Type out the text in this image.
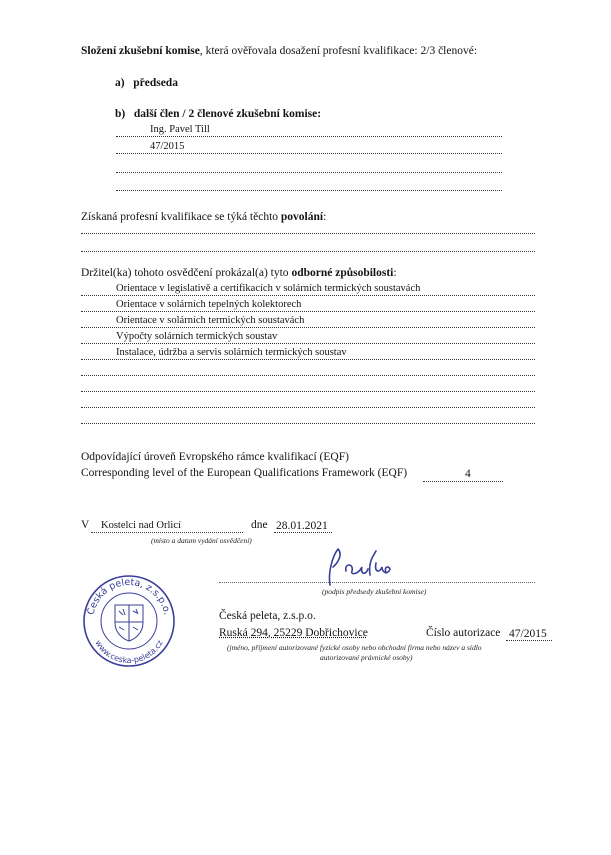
Složení zkušební komise, která ověřovala dosažení profesní kvalifikace: 2/3 členové:
a) předseda
b) další člen / 2 členové zkušební komise:
Ing. Pavel Till
47/2015
Získaná profesní kvalifikace se týká těchto povolání:
Držitel(ka) tohoto osvědčení prokázal(a) tyto odborné způsobilosti:
Orientace v legislativě a certifikacích v solárních termických soustavách
Orientace v solárních tepelných kolektorech
Orientace v solárních termických soustavách
Výpočty solárních termických soustav
Instalace, údržba a servis solárních termických soustav
Odpovídající úroveň Evropského rámce kvalifikací (EQF)
Corresponding level of the European Qualifications Framework (EQF)	4
V Kostelci nad Orlicí	dne 28.01.2021
(místo a datum vydání osvědčení)
(podpis předsedy zkušební komise)
Česká peleta, z.s.p.o.
www.ceska-peleta.cz
Česká peleta, z.s.p.o.
Ruská 294, 25229 Dobřichovice	Číslo autorizace 47/2015
(jméno, příjmení autorizované fyzické osoby nebo obchodní firma nebo název a sídlo
autorizované právnické osoby)
